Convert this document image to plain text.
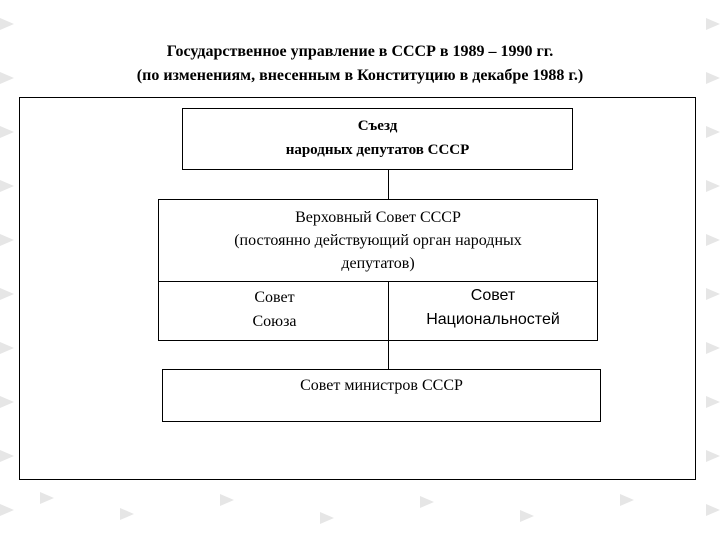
Государственное управление в СССР в 1989 – 1990 гг.
(по изменениям, внесенным в Конституцию в декабре 1988 г.)
Съезд
народных депутатов СССР
Верховный Совет СССР
(постоянно действующий орган народных
депутатов)
Совет
Союза
Совет
Национальностей
Совет министров СССР
